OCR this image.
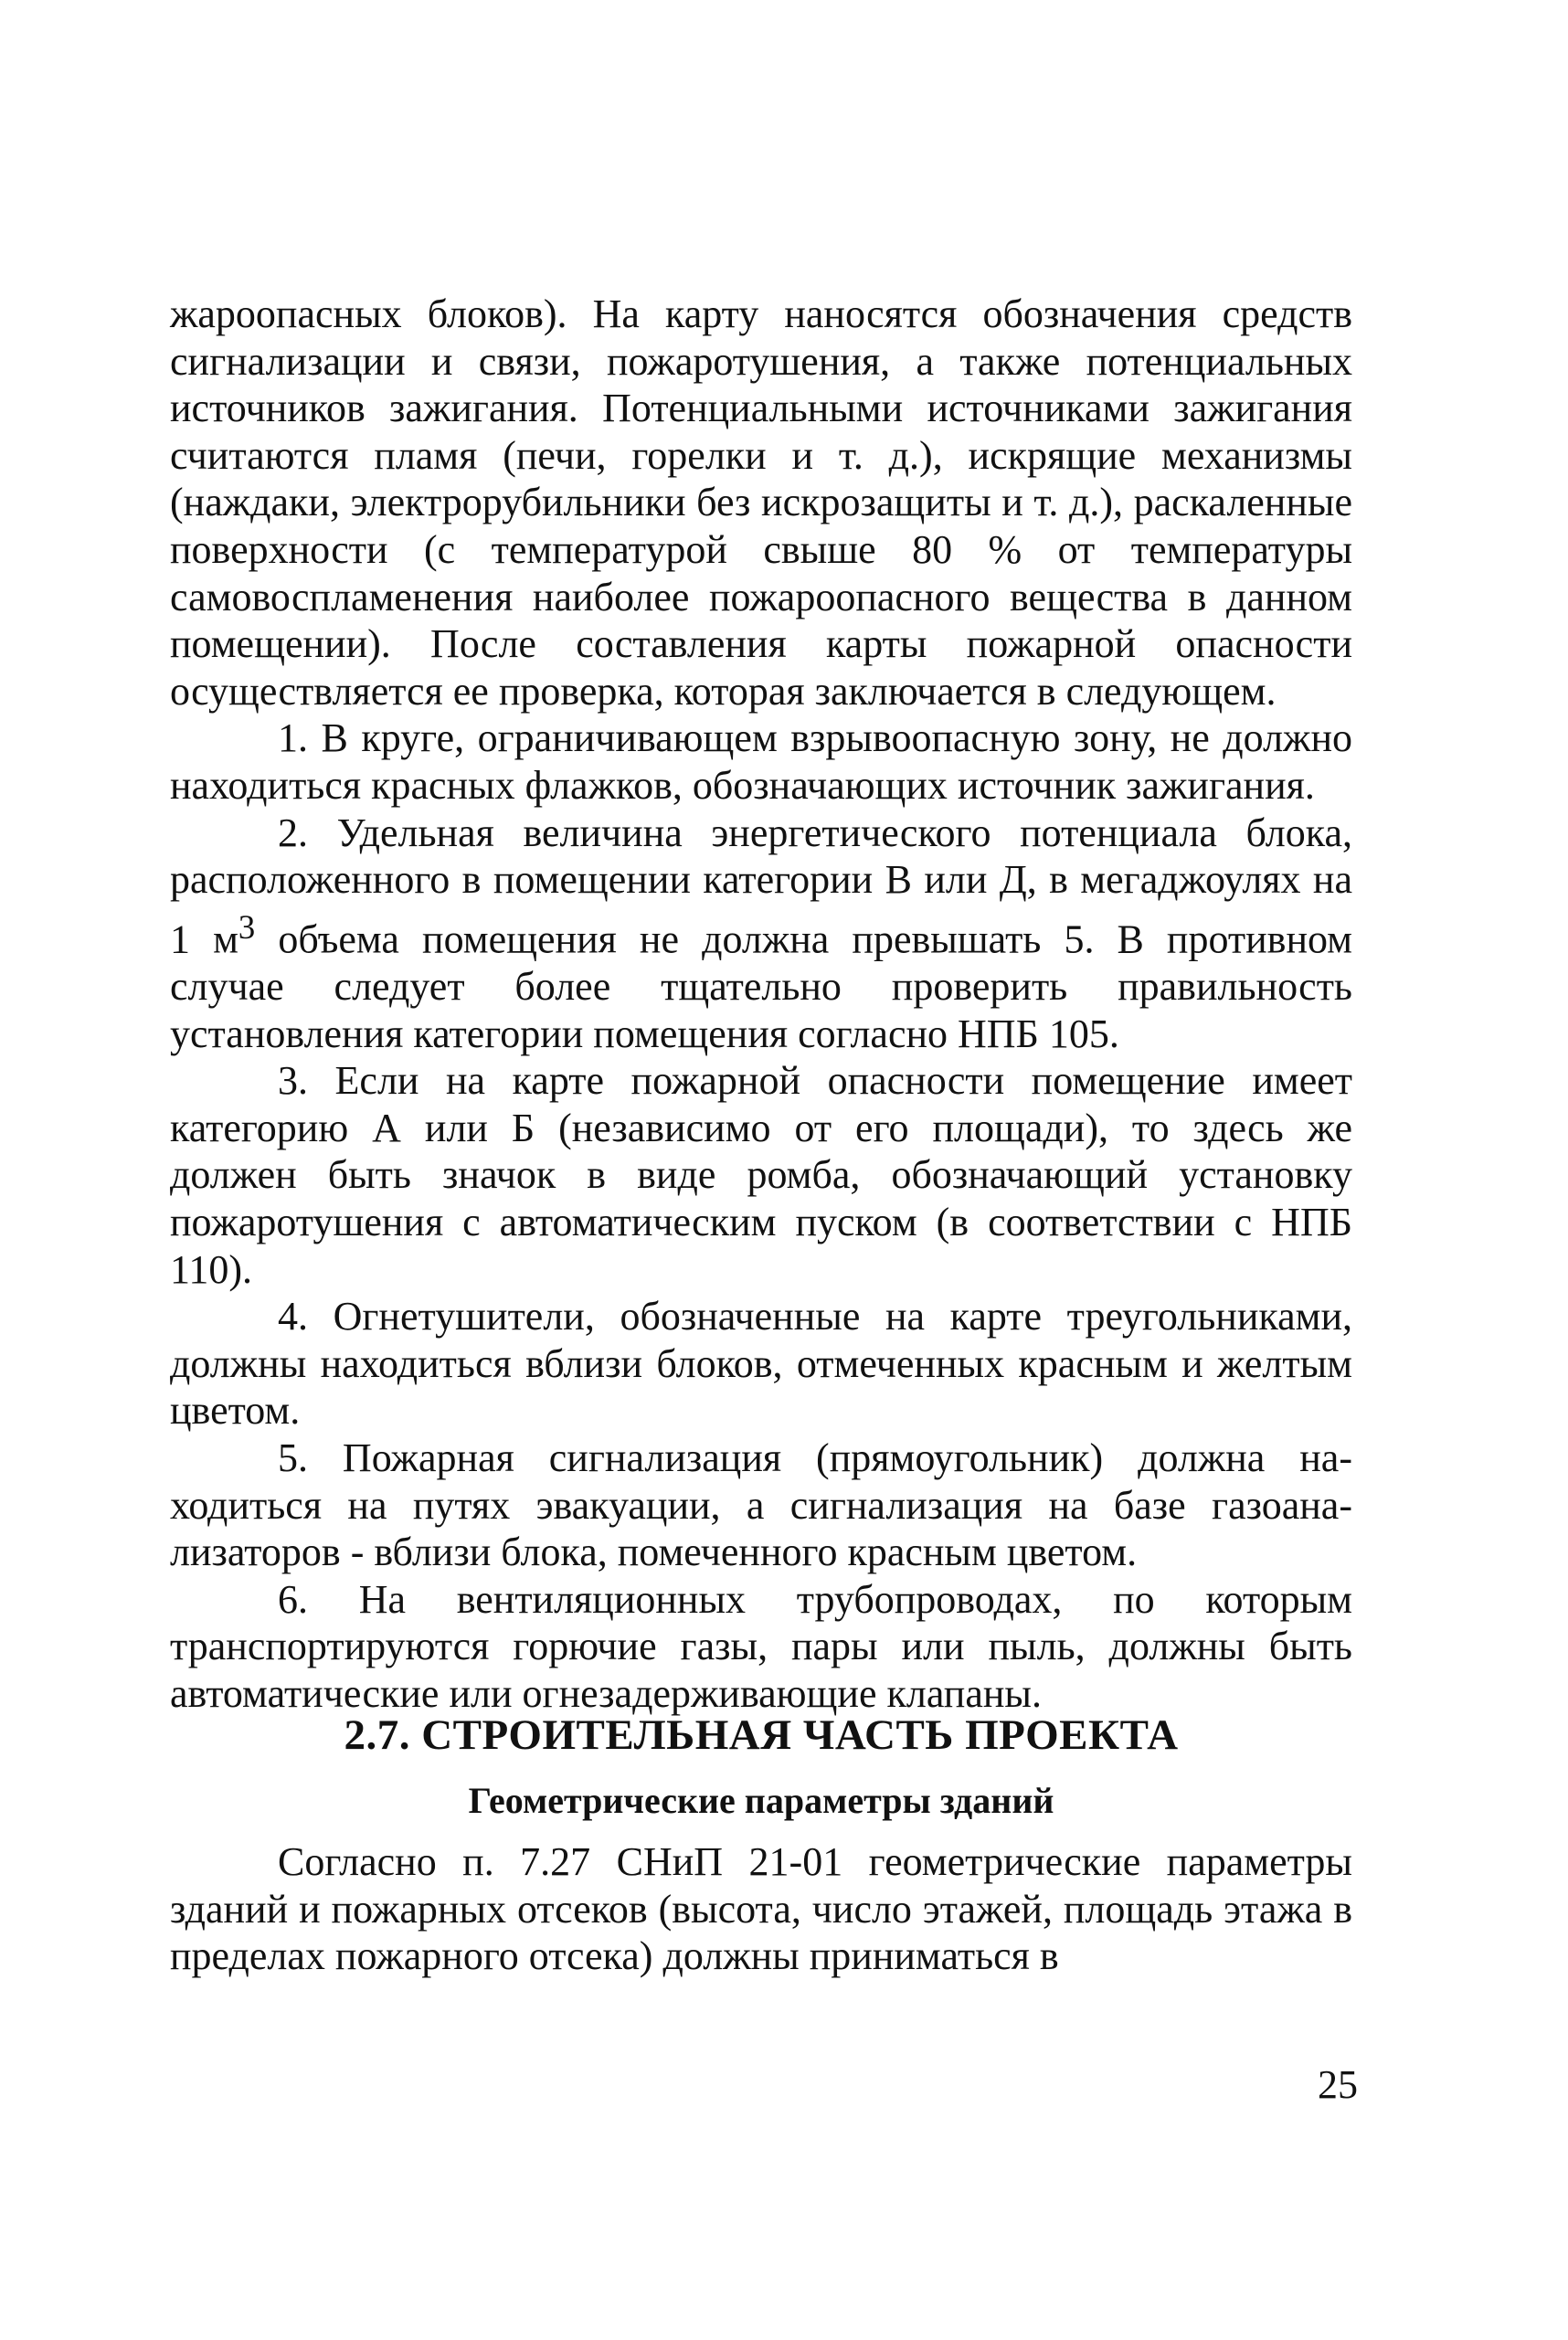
жароопасных блоков). На карту наносятся обозначения средств сигнализации и связи, пожаротушения, а также потенциальных источников зажигания. Потенциальными источниками зажигания считаются пламя (печи, горелки и т. д.), искрящие механизмы (наждаки, электрорубильники без искрозащиты и т. д.), раскаленные поверхности (с температурой свыше 80 % от температуры самовоспламенения наиболее пожароопасного вещества в данном помещении). После составления карты пожарной опасности осуществляется ее проверка, которая заключается в следующем.

1. В круге, ограничивающем взрывоопасную зону, не должно находиться красных флажков, обозначающих источник зажигания.

2. Удельная величина энергетического потенциала блока, расположенного в помещении категории В или Д, в мегаджоулях на 1 $м^3$ объема помещения не должна превышать 5. В противном случае следует более тщательно проверить правильность установления категории помещения согласно НПБ 105.

3. Если на карте пожарной опасности помещение имеет категорию А или Б (независимо от его площади), то здесь же должен быть значок в виде ромба, обозначающий установку пожаротушения с автоматическим пуском (в соответствии с НПБ 110).

4. Огнетушители, обозначенные на карте треугольниками, должны находиться вблизи блоков, отмеченных красным и желтым цветом.

5. Пожарная сигнализация (прямоугольник) должна находиться на путях эвакуации, а сигнализация на базе газоанализаторов - вблизи блока, помеченного красным цветом.

6. На вентиляционных трубопроводах, по которым транспортируются горючие газы, пары или пыль, должны быть автоматические или огнезадерживающие клапаны.

2.7. СТРОИТЕЛЬНАЯ ЧАСТЬ ПРОЕКТА
Геометрические параметры зданий

Согласно п. 7.27 СНиП 21-01 геометрические параметры зданий и пожарных отсеков (высота, число этажей, площадь этажа в пределах пожарного отсека) должны приниматься в

25
